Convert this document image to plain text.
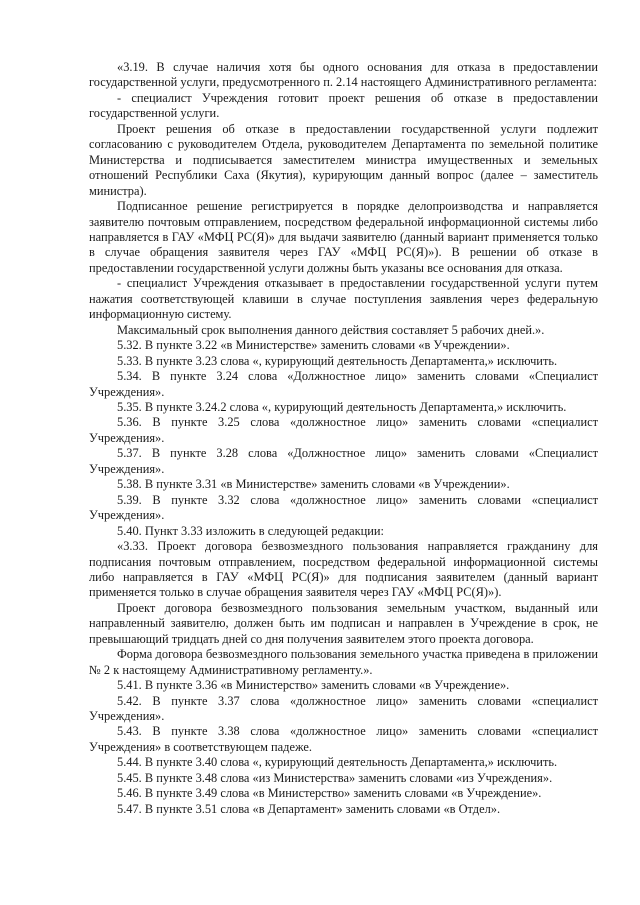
«3.19. В случае наличия хотя бы одного основания для отказа в предоставлении государственной услуги, предусмотренного п. 2.14 настоящего Административного регламента:

- специалист Учреждения готовит проект решения об отказе в предоставлении государственной услуги.

Проект решения об отказе в предоставлении государственной услуги подлежит согласованию с руководителем Отдела, руководителем Департамента по земельной политике Министерства и подписывается заместителем министра имущественных и земельных отношений Республики Саха (Якутия), курирующим данный вопрос (далее – заместитель министра).

Подписанное решение регистрируется в порядке делопроизводства и направляется заявителю почтовым отправлением, посредством федеральной информационной системы либо направляется в ГАУ «МФЦ РС(Я)» для выдачи заявителю (данный вариант применяется только в случае обращения заявителя через ГАУ «МФЦ РС(Я)»). В решении об отказе в предоставлении государственной услуги должны быть указаны все основания для отказа.

- специалист Учреждения отказывает в предоставлении государственной услуги путем нажатия соответствующей клавиши в случае поступления заявления через федеральную информационную систему.

Максимальный срок выполнения данного действия составляет 5 рабочих дней.».

5.32. В пункте 3.22 «в Министерстве» заменить словами «в Учреждении».

5.33. В пункте 3.23 слова «, курирующий деятельность Департамента,» исключить.

5.34. В пункте 3.24 слова «Должностное лицо» заменить словами «Специалист Учреждения».

5.35. В пункте 3.24.2 слова «, курирующий деятельность Департамента,» исключить.

5.36. В пункте 3.25 слова «должностное лицо» заменить словами «специалист Учреждения».

5.37. В пункте 3.28 слова «Должностное лицо» заменить словами «Специалист Учреждения».

5.38. В пункте 3.31 «в Министерстве» заменить словами «в Учреждении».

5.39. В пункте 3.32 слова «должностное лицо» заменить словами «специалист Учреждения».

5.40. Пункт 3.33 изложить в следующей редакции:

«3.33. Проект договора безвозмездного пользования направляется гражданину для подписания почтовым отправлением, посредством федеральной информационной системы либо направляется в ГАУ «МФЦ РС(Я)» для подписания заявителем (данный вариант применяется только в случае обращения заявителя через ГАУ «МФЦ РС(Я)»).

Проект договора безвозмездного пользования земельным участком, выданный или направленный заявителю, должен быть им подписан и направлен в Учреждение в срок, не превышающий тридцать дней со дня получения заявителем этого проекта договора.

Форма договора безвозмездного пользования земельного участка приведена в приложении № 2 к настоящему Административному регламенту.».

5.41. В пункте 3.36 «в Министерство» заменить словами «в Учреждение».

5.42. В пункте 3.37 слова «должностное лицо» заменить словами «специалист Учреждения».

5.43. В пункте 3.38 слова «должностное лицо» заменить словами «специалист Учреждения» в соответствующем падеже.

5.44. В пункте 3.40 слова «, курирующий деятельность Департамента,» исключить.

5.45. В пункте 3.48 слова «из Министерства» заменить словами «из Учреждения».

5.46. В пункте 3.49 слова «в Министерство» заменить словами «в Учреждение».

5.47. В пункте 3.51 слова «в Департамент» заменить словами «в Отдел».
